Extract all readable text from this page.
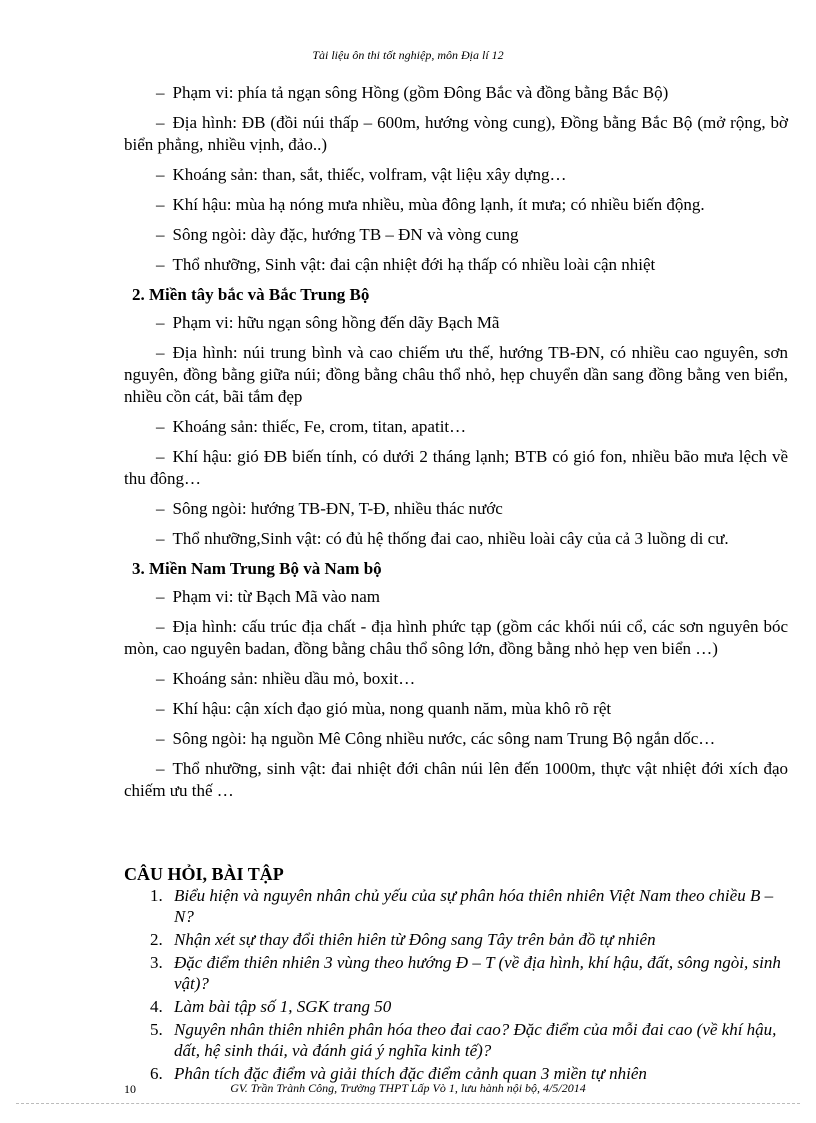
Tài liệu ôn thi tốt nghiệp, môn Địa lí 12

– Phạm vi: phía tả ngạn sông Hồng (gồm Đông Bắc và đồng bằng Bắc Bộ)

– Địa hình: ĐB (đồi núi thấp – 600m, hướng vòng cung), Đồng bằng Bắc Bộ (mở rộng, bờ biển phẳng, nhiều vịnh, đảo..)

– Khoáng sản: than, sắt, thiếc, volfram, vật liệu xây dựng…

– Khí hậu: mùa hạ nóng mưa nhiều, mùa đông lạnh, ít mưa; có nhiều biến động.

– Sông ngòi: dày đặc, hướng TB – ĐN và vòng cung

– Thổ nhưỡng, Sinh vật: đai cận nhiệt đới hạ thấp có nhiều loài cận nhiệt

2. Miền tây bắc và Bắc Trung Bộ

– Phạm vi: hữu ngạn sông hồng đến dãy Bạch Mã

– Địa hình: núi trung bình và cao chiếm ưu thế, hướng TB-ĐN, có nhiều cao nguyên, sơn nguyên, đồng bằng giữa núi; đồng bằng châu thổ nhỏ, hẹp chuyển dần sang đồng bằng ven biển, nhiều cồn cát, bãi tắm đẹp

– Khoáng sản: thiếc, Fe, crom, titan, apatit…

– Khí hậu: gió ĐB biến tính, có dưới 2 tháng lạnh; BTB có gió fon, nhiều bão mưa lệch về thu đông…

– Sông ngòi: hướng TB-ĐN, T-Đ, nhiều thác nước

– Thổ nhưỡng,Sinh vật: có đủ hệ thống đai cao, nhiều loài cây của cả 3 luồng di cư.

3. Miền Nam Trung Bộ và Nam bộ

– Phạm vi: từ Bạch Mã vào nam

– Địa hình: cấu trúc địa chất - địa hình phức tạp (gồm các khối núi cổ, các sơn nguyên bóc mòn, cao nguyên badan, đồng bằng châu thổ sông lớn, đồng bằng nhỏ hẹp ven biển …)

– Khoáng sản: nhiều dầu mỏ, boxit…

– Khí hậu: cận xích đạo gió mùa, nong quanh năm, mùa khô rõ rệt

– Sông ngòi: hạ nguồn Mê Công nhiều nước, các sông nam Trung Bộ ngắn dốc…

– Thổ nhưỡng, sinh vật: đai nhiệt đới chân núi lên đến 1000m, thực vật nhiệt đới xích đạo chiếm ưu thế …

CÂU HỎI, BÀI TẬP
1. Biểu hiện và nguyên nhân chủ yếu của sự phân hóa thiên nhiên Việt Nam theo chiều B – N?
2. Nhận xét sự thay đổi thiên hiên từ Đông sang Tây trên bản đồ tự nhiên
3. Đặc điểm thiên nhiên 3 vùng theo hướng Đ – T (về địa hình, khí hậu, đất, sông ngòi, sinh vật)?
4. Làm bài tập số 1, SGK trang 50
5. Nguyên nhân thiên nhiên phân hóa theo đai cao? Đặc điểm của mỗi đai cao (về khí hậu, dất, hệ sinh thái, và đánh giá ý nghĩa kinh tế)?
6. Phân tích đặc điểm và giải thích đặc điểm cảnh quan 3 miền tự nhiên
10	GV. Trần Trành Công, Trường THPT Lấp Vò 1, lưu hành nội bộ, 4/5/2014
